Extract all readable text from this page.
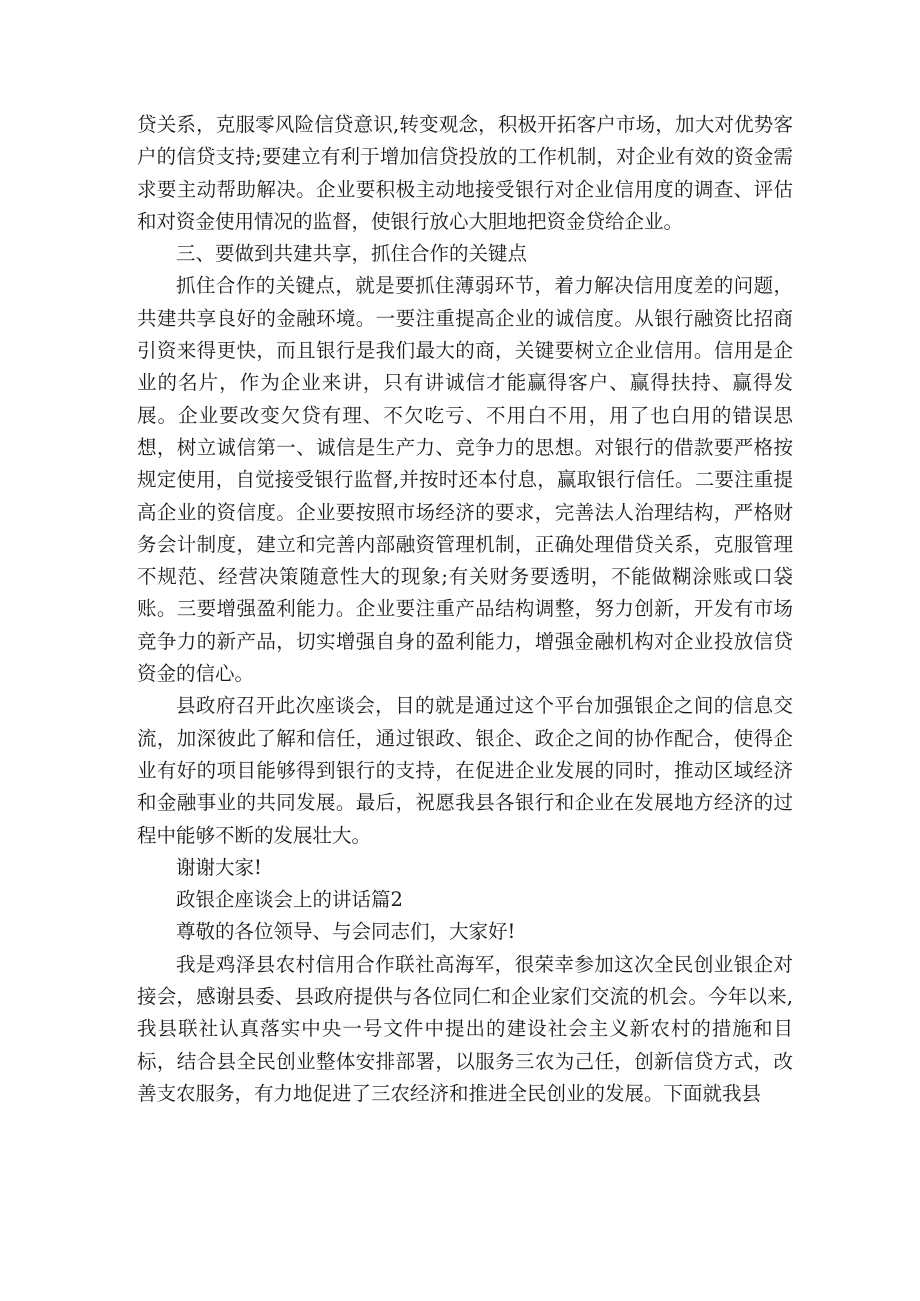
贷关系，克服零风险信贷意识,转变观念，积极开拓客户市场，加大对优势客户的信贷支持;要建立有利于增加信贷投放的工作机制，对企业有效的资金需求要主动帮助解决。企业要积极主动地接受银行对企业信用度的调查、评估和对资金使用情况的监督，使银行放心大胆地把资金贷给企业。

三、要做到共建共享，抓住合作的关键点

抓住合作的关键点，就是要抓住薄弱环节，着力解决信用度差的问题，共建共享良好的金融环境。一要注重提高企业的诚信度。从银行融资比招商引资来得更快，而且银行是我们最大的商，关键要树立企业信用。信用是企业的名片，作为企业来讲，只有讲诚信才能赢得客户、赢得扶持、赢得发展。企业要改变欠贷有理、不欠吃亏、不用白不用，用了也白用的错误思想，树立诚信第一、诚信是生产力、竞争力的思想。对银行的借款要严格按规定使用，自觉接受银行监督,并按时还本付息，赢取银行信任。二要注重提高企业的资信度。企业要按照市场经济的要求，完善法人治理结构，严格财务会计制度，建立和完善内部融资管理机制，正确处理借贷关系，克服管理不规范、经营决策随意性大的现象;有关财务要透明，不能做糊涂账或口袋账。三要增强盈利能力。企业要注重产品结构调整，努力创新，开发有市场竞争力的新产品，切实增强自身的盈利能力，增强金融机构对企业投放信贷资金的信心。

县政府召开此次座谈会，目的就是通过这个平台加强银企之间的信息交流，加深彼此了解和信任，通过银政、银企、政企之间的协作配合，使得企业有好的项目能够得到银行的支持，在促进企业发展的同时，推动区域经济和金融事业的共同发展。最后，祝愿我县各银行和企业在发展地方经济的过程中能够不断的发展壮大。

谢谢大家!

政银企座谈会上的讲话篇2

尊敬的各位领导、与会同志们，大家好!

我是鸡泽县农村信用合作联社高海军，很荣幸参加这次全民创业银企对接会，感谢县委、县政府提供与各位同仁和企业家们交流的机会。今年以来,我县联社认真落实中央一号文件中提出的建设社会主义新农村的措施和目标，结合县全民创业整体安排部署，以服务三农为己任，创新信贷方式，改善支农服务，有力地促进了三农经济和推进全民创业的发展。下面就我县
